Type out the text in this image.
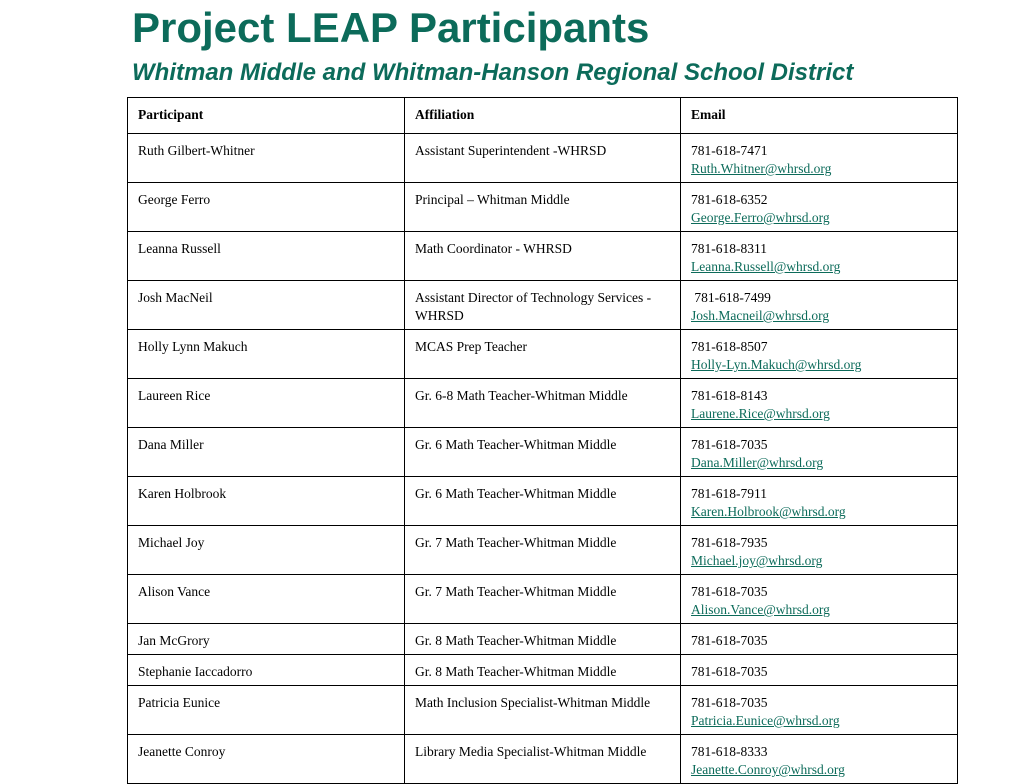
Project LEAP Participants
Whitman Middle and Whitman-Hanson Regional School District
Participant	Affiliation	Email
Ruth Gilbert-Whitner	Assistant Superintendent -WHRSD	781-618-7471
Ruth.Whitner@whrsd.org

George Ferro	Principal – Whitman Middle	781-618-6352
George.Ferro@whrsd.org

Leanna Russell	Math Coordinator - WHRSD	781-618-8311
Leanna.Russell@whrsd.org

Josh MacNeil	Assistant Director of Technology Services - WHRSD	781-618-7499
Josh.Macneil@whrsd.org

Holly Lynn Makuch	MCAS Prep Teacher	781-618-8507
Holly-Lyn.Makuch@whrsd.org

Laureen Rice	Gr. 6-8 Math Teacher-Whitman Middle	781-618-8143
Laurene.Rice@whrsd.org

Dana Miller	Gr. 6 Math Teacher-Whitman Middle	781-618-7035
Dana.Miller@whrsd.org

Karen Holbrook	Gr. 6 Math Teacher-Whitman Middle	781-618-7911
Karen.Holbrook@whrsd.org

Michael Joy	Gr. 7 Math Teacher-Whitman Middle	781-618-7935
Michael.joy@whrsd.org

Alison Vance	Gr. 7 Math Teacher-Whitman Middle	781-618-7035
Alison.Vance@whrsd.org

Jan McGrory	Gr. 8 Math Teacher-Whitman Middle	781-618-7035

Stephanie Iaccadorro	Gr. 8 Math Teacher-Whitman Middle	781-618-7035

Patricia Eunice	Math Inclusion Specialist-Whitman Middle	781-618-7035
Patricia.Eunice@whrsd.org

Jeanette Conroy	Library Media Specialist-Whitman Middle	781-618-8333
Jeanette.Conroy@whrsd.org
